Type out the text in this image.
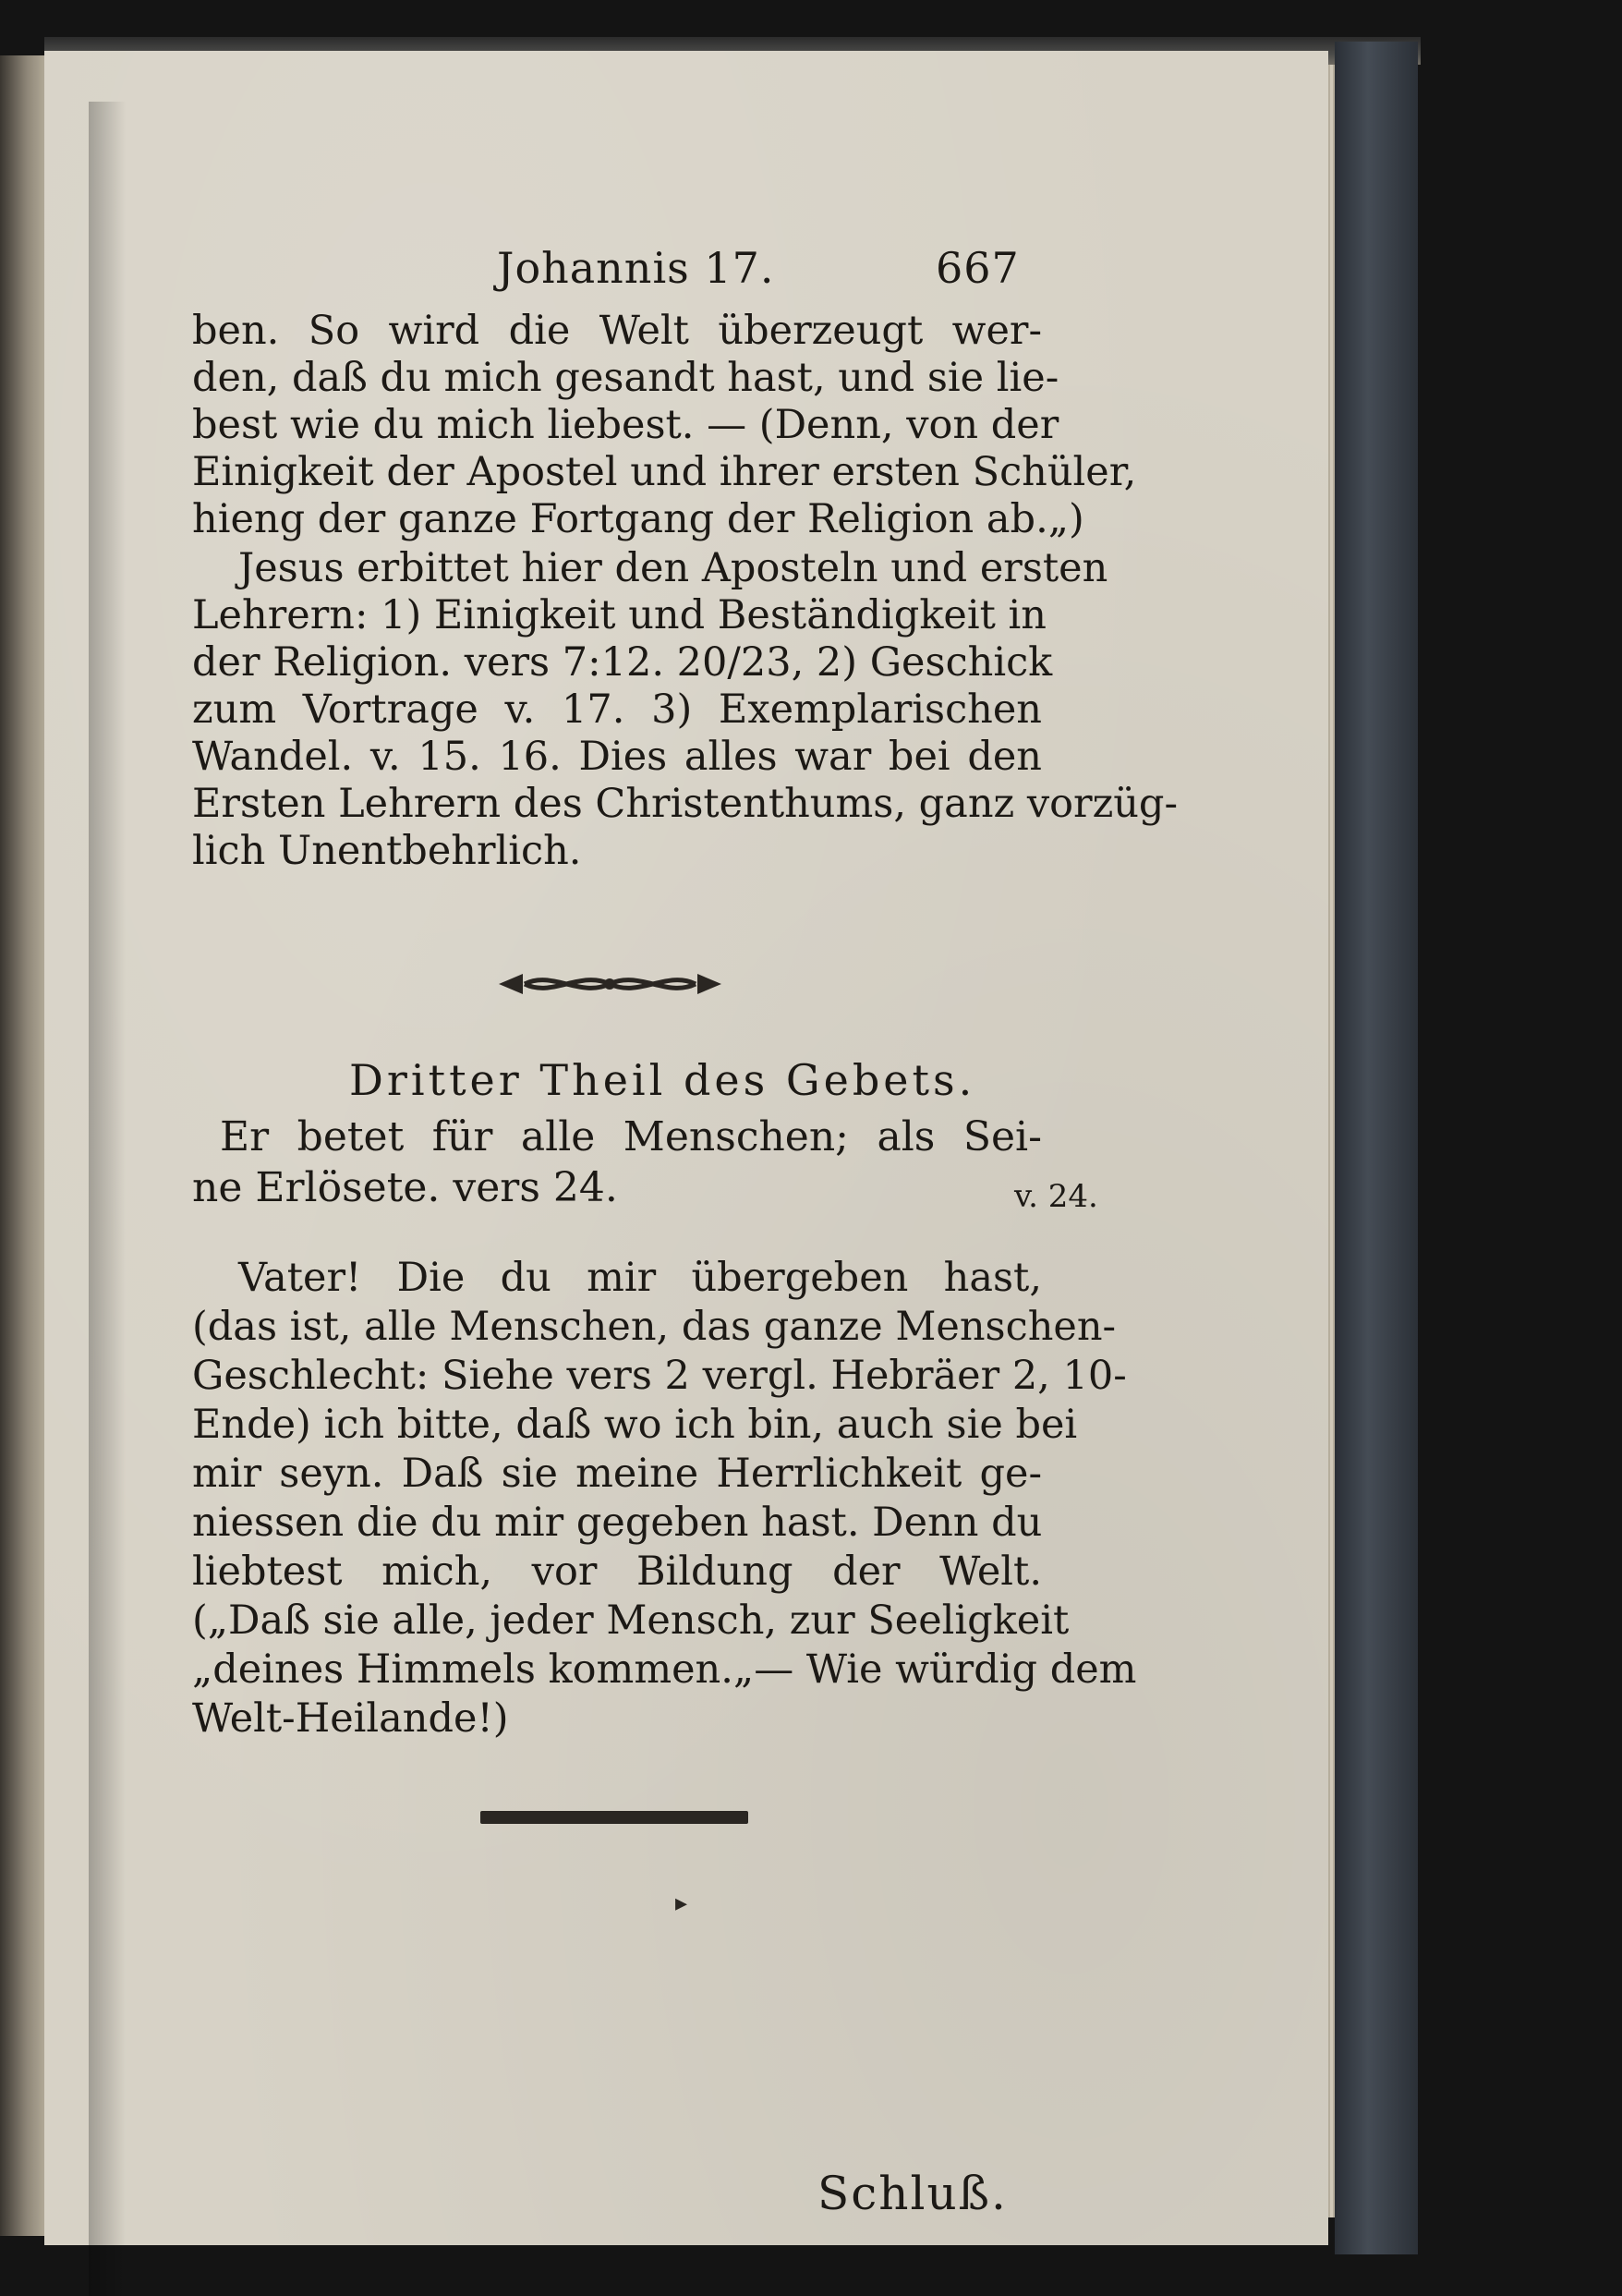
Johannis 17.	667
ben. So wird die Welt überzeugt wer-
den, daß du mich gesandt hast, und sie lie-
best wie du mich liebest. — (Denn, von der
Einigkeit der Apostel und ihrer ersten Schüler,
hieng der ganze Fortgang der Religion ab.„)
Jesus erbittet hier den Aposteln und ersten
Lehrern: 1) Einigkeit und Beständigkeit in
der Religion. vers 7:12. 20/23, 2) Geschick
zum Vortrage v. 17. 3) Exemplarischen
Wandel. v. 15. 16. Dies alles war bei den
Ersten Lehrern des Christenthums, ganz vorzüg-
lich Unentbehrlich.
Dritter Theil des Gebets.
Er betet für alle Menschen; als Sei-
ne Erlösete. vers 24.
Vater! Die du mir übergeben hast,
(das ist, alle Menschen, das ganze Menschen-
Geschlecht: Siehe vers 2 vergl. Hebräer 2, 10-
Ende) ich bitte, daß wo ich bin, auch sie bei
mir seyn. Daß sie meine Herrlichkeit ge-
niessen die du mir gegeben hast. Denn du
liebtest mich, vor Bildung der Welt.
(„Daß sie alle, jeder Mensch, zur Seeligkeit
„deines Himmels kommen.„— Wie würdig dem
Welt-Heilande!)
▸
Schluß.
v. 24.
